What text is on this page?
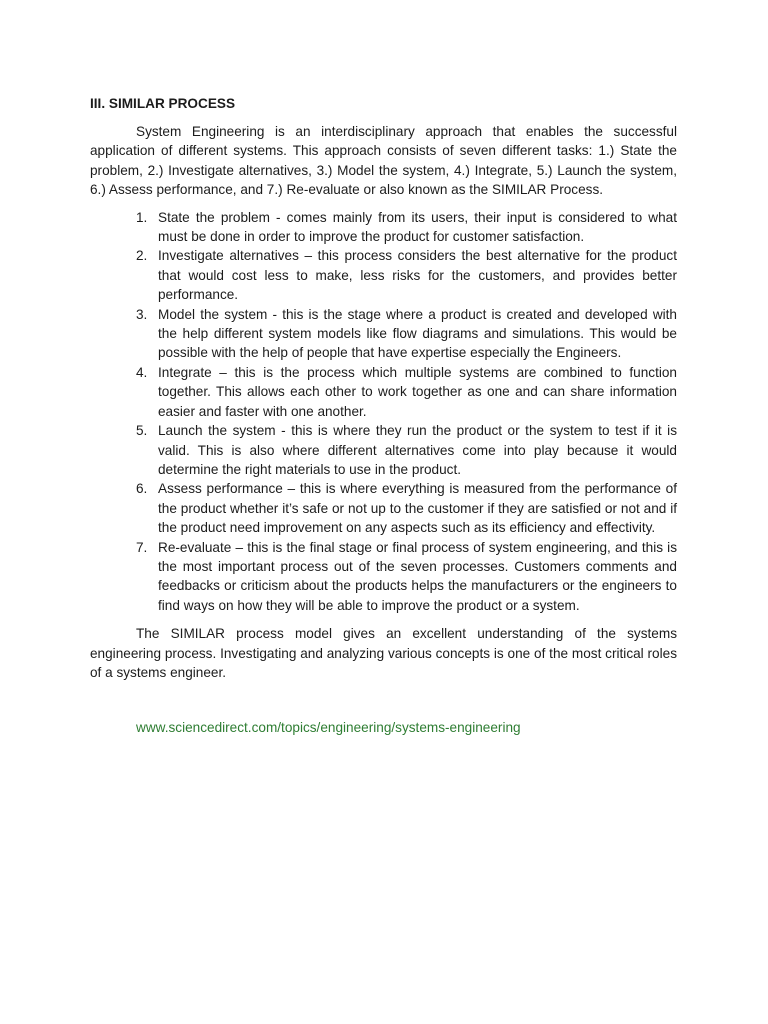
III. SIMILAR PROCESS

System Engineering is an interdisciplinary approach that enables the successful application of different systems. This approach consists of seven different tasks: 1.) State the problem, 2.) Investigate alternatives, 3.) Model the system, 4.) Integrate, 5.) Launch the system, 6.) Assess performance, and 7.) Re-evaluate or also known as the SIMILAR Process.

1. State the problem - comes mainly from its users, their input is considered to what must be done in order to improve the product for customer satisfaction.
2. Investigate alternatives – this process considers the best alternative for the product that would cost less to make, less risks for the customers, and provides better performance.
3. Model the system - this is the stage where a product is created and developed with the help different system models like flow diagrams and simulations. This would be possible with the help of people that have expertise especially the Engineers.
4. Integrate – this is the process which multiple systems are combined to function together. This allows each other to work together as one and can share information easier and faster with one another.
5. Launch the system - this is where they run the product or the system to test if it is valid. This is also where different alternatives come into play because it would determine the right materials to use in the product.
6. Assess performance – this is where everything is measured from the performance of the product whether it’s safe or not up to the customer if they are satisfied or not and if the product need improvement on any aspects such as its efficiency and effectivity.
7. Re-evaluate – this is the final stage or final process of system engineering, and this is the most important process out of the seven processes. Customers comments and feedbacks or criticism about the products helps the manufacturers or the engineers to find ways on how they will be able to improve the product or a system.

The SIMILAR process model gives an excellent understanding of the systems engineering process. Investigating and analyzing various concepts is one of the most critical roles of a systems engineer.

www.sciencedirect.com/topics/engineering/systems-engineering
